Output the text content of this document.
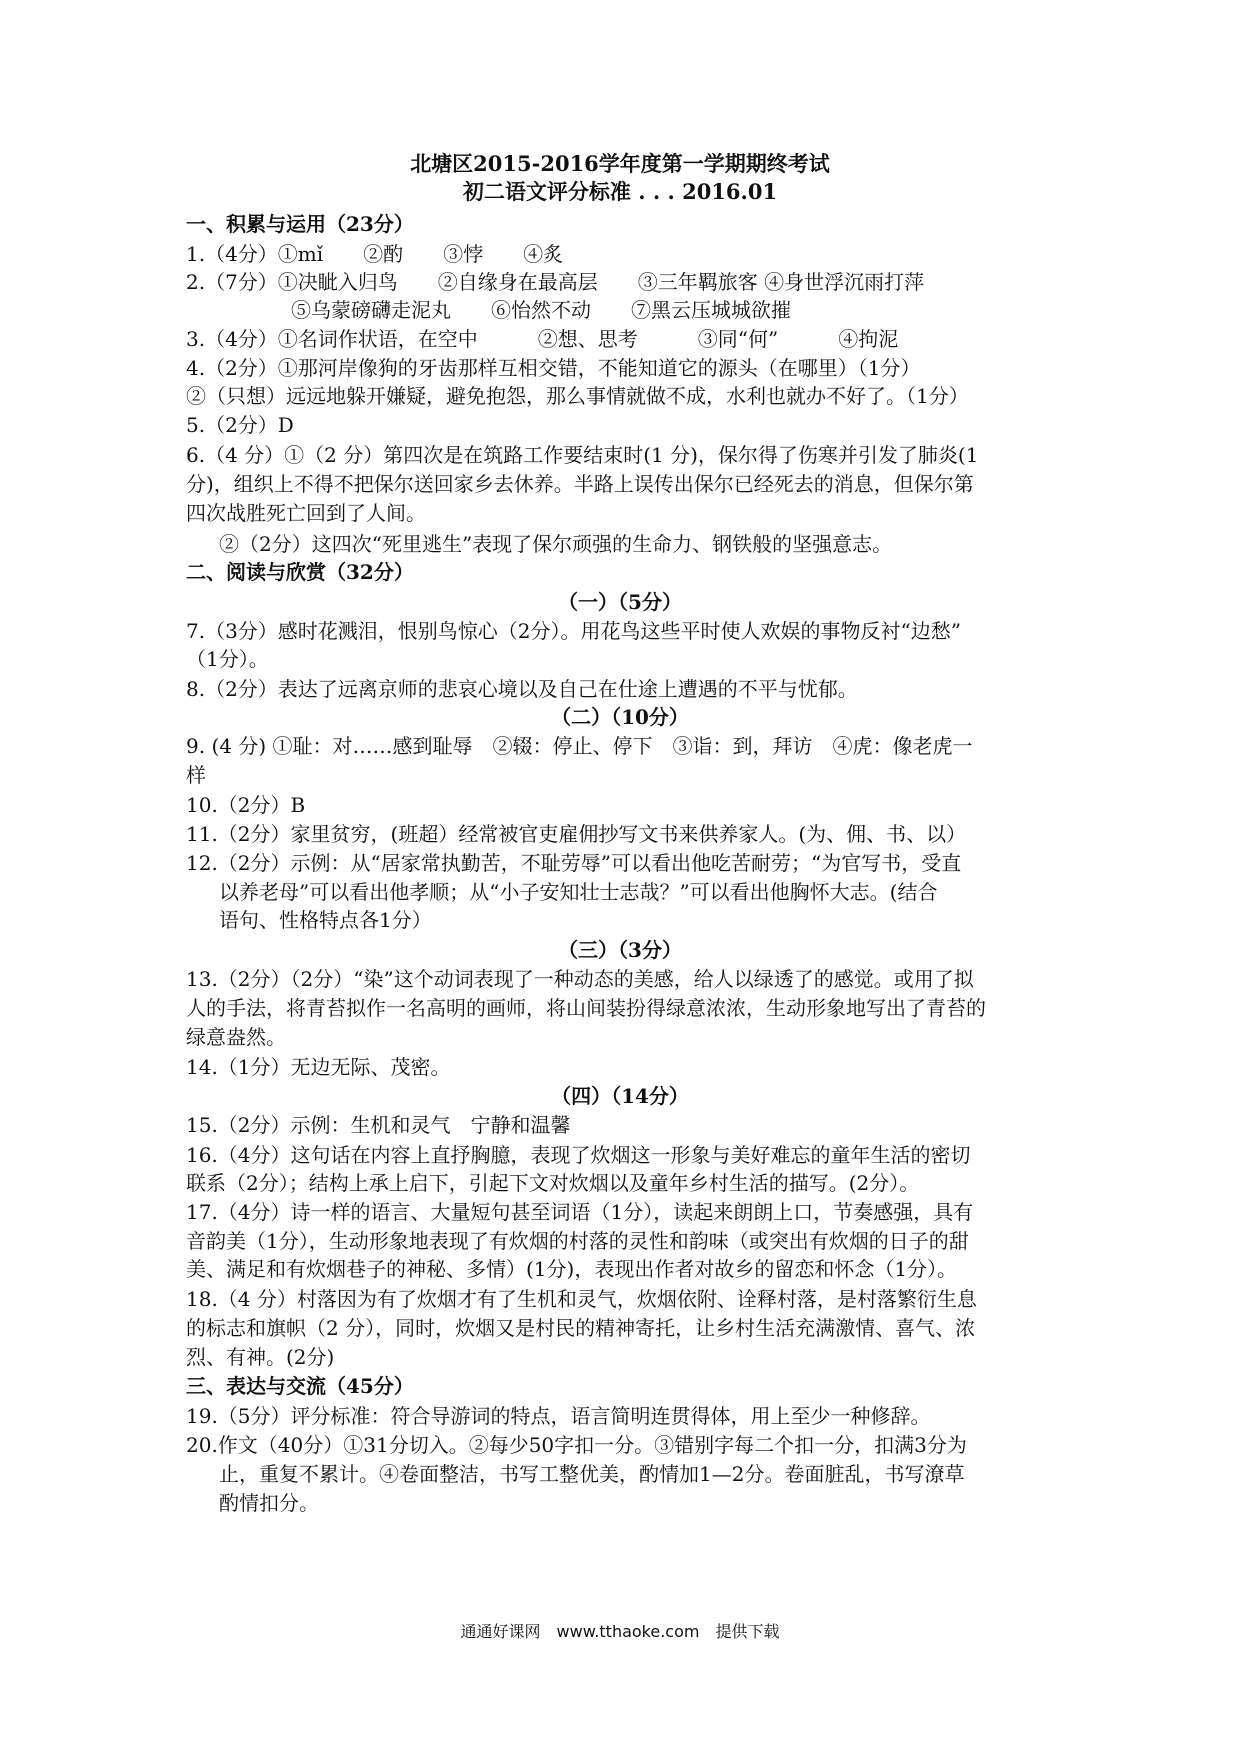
北塘区2015-2016学年度第一学期期终考试
初二语文评分标准 . . . 2016.01
一、积累与运用（23分）
1.（4分）①mǐ　　②酌　　③悖　　④炙
2.（7分）①决眦入归鸟　　②自缘身在最高层　　③三年羁旅客 ④身世浮沉雨打萍
⑤乌蒙磅礴走泥丸　　⑥怡然不动　　⑦黑云压城城欲摧
3.（4分）①名词作状语，在空中　　　②想、思考　　　③同“何”　　　④拘泥
4.（2分）①那河岸像狗的牙齿那样互相交错，不能知道它的源头（在哪里）（1分）
②（只想）远远地躲开嫌疑，避免抱怨，那么事情就做不成，水利也就办不好了。（1分）
5.（2分）D
6.（4 分）①（2 分）第四次是在筑路工作要结束时(1 分)，保尔得了伤寒并引发了肺炎(1
分)，组织上不得不把保尔送回家乡去休养。半路上误传出保尔已经死去的消息，但保尔第
四次战胜死亡回到了人间。
②（2分）这四次“死里逃生”表现了保尔顽强的生命力、钢铁般的坚强意志。
二、阅读与欣赏（32分）
（一）（5分）
7.（3分）感时花溅泪，恨别鸟惊心（2分）。用花鸟这些平时使人欢娱的事物反衬“边愁”
（1分）。
8.（2分）表达了远离京师的悲哀心境以及自己在仕途上遭遇的不平与忧郁。
（二）（10分）
9. (4 分) ①耻：对……感到耻辱　②辍：停止、停下　③诣：到，拜访　④虎：像老虎一
样
10.（2分）B
11.（2分）家里贫穷，(班超）经常被官吏雇佣抄写文书来供养家人。(为、佣、书、以）
12.（2分）示例：从“居家常执勤苦，不耻劳辱”可以看出他吃苦耐劳；“为官写书，受直
以养老母”可以看出他孝顺；从“小子安知壮士志哉？”可以看出他胸怀大志。(结合
语句、性格特点各1分）
（三）（3分）
13.（2分）（2分）“染”这个动词表现了一种动态的美感，给人以绿透了的感觉。或用了拟
人的手法，将青苔拟作一名高明的画师，将山间装扮得绿意浓浓，生动形象地写出了青苔的
绿意盎然。
14.（1分）无边无际、茂密。
（四）（14分）
15.（2分）示例：生机和灵气　宁静和温馨
16.（4分）这句话在内容上直抒胸臆，表现了炊烟这一形象与美好难忘的童年生活的密切
联系（2分）；结构上承上启下，引起下文对炊烟以及童年乡村生活的描写。(2分）。
17.（4分）诗一样的语言、大量短句甚至词语（1分），读起来朗朗上口，节奏感强，具有
音韵美（1分），生动形象地表现了有炊烟的村落的灵性和韵味（或突出有炊烟的日子的甜
美、满足和有炊烟巷子的神秘、多情）(1分)，表现出作者对故乡的留恋和怀念（1分）。
18.（4 分）村落因为有了炊烟才有了生机和灵气，炊烟依附、诠释村落，是村落繁衍生息
的标志和旗帜（2 分），同时，炊烟又是村民的精神寄托，让乡村生活充满激情、喜气、浓
烈、有神。(2分)
三、表达与交流（45分）
19.（5分）评分标准：符合导游词的特点，语言简明连贯得体，用上至少一种修辞。
20.作文（40分）①31分切入。②每少50字扣一分。③错别字每二个扣一分，扣满3分为
止，重复不累计。④卷面整洁，书写工整优美，酌情加1—2分。卷面脏乱，书写潦草
酌情扣分。
通通好课网　www.tthaoke.com　提供下载
